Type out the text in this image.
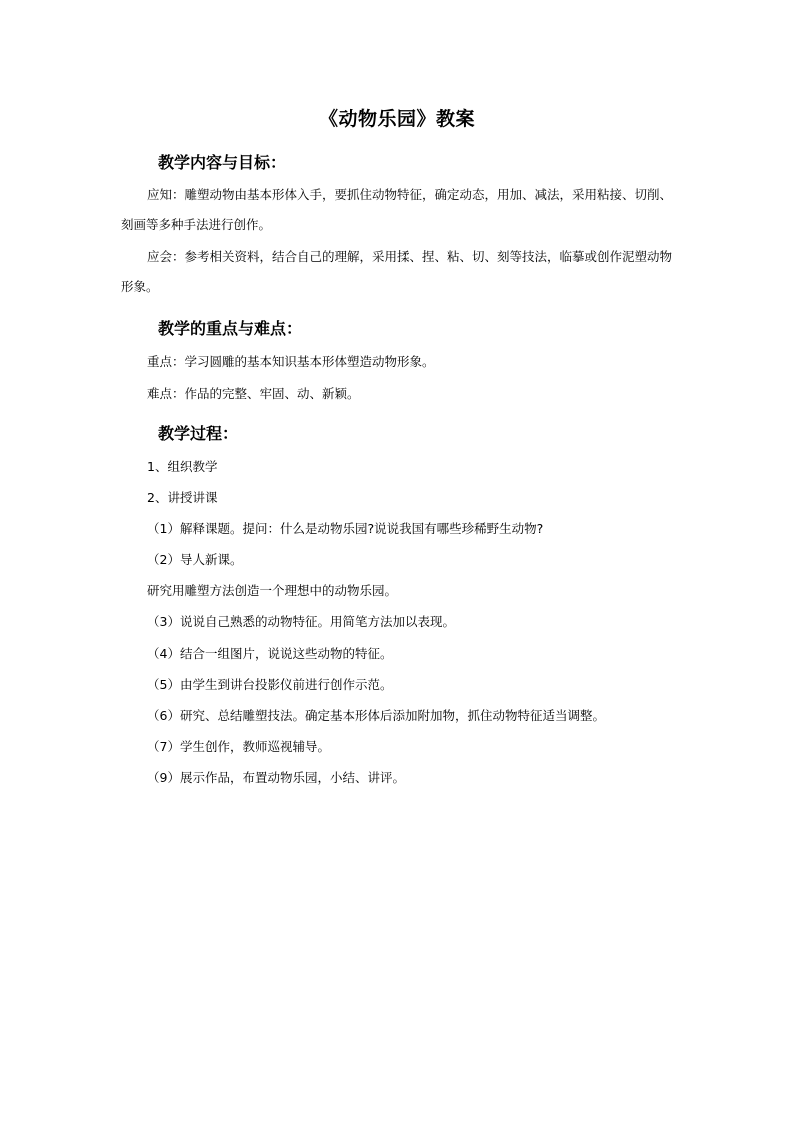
《动物乐园》教案
教学内容与目标：
应知：雕塑动物由基本形体入手，要抓住动物特征，确定动态，用加、减法，采用粘接、切削、刻画等多种手法进行创作。
应会：参考相关资料，结合自己的理解，采用揉、捏、粘、切、刻等技法，临摹或创作泥塑动物形象。
教学的重点与难点：
重点：学习圆雕的基本知识基本形体塑造动物形象。
难点：作品的完整、牢固、动、新颖。
教学过程：
1、组织教学
2、讲授讲课
（1）解释课题。提问：什么是动物乐园?说说我国有哪些珍稀野生动物?
（2）导人新课。
研究用雕塑方法创造一个理想中的动物乐园。
（3）说说自己熟悉的动物特征。用简笔方法加以表现。
（4）结合一组图片，说说这些动物的特征。
（5）由学生到讲台投影仪前进行创作示范。
（6）研究、总结雕塑技法。确定基本形体后添加附加物，抓住动物特征适当调整。
（7）学生创作，教师巡视辅导。
（9）展示作品，布置动物乐园，小结、讲评。
